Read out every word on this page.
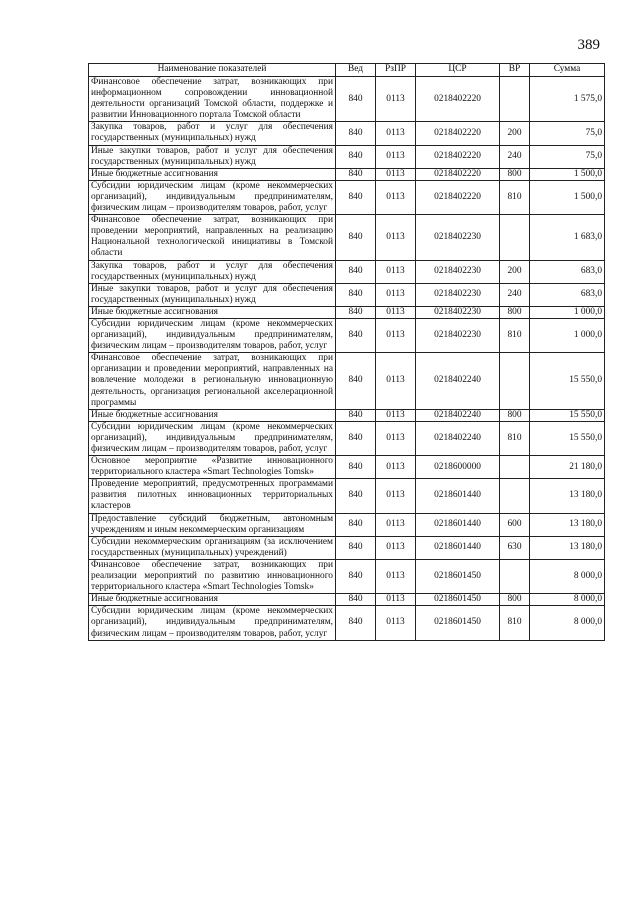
389
Наименование показателей	Вед	РзПР	ЦСР	ВР	Сумма
Финансовое обеспечение затрат, возникающих при информационном сопровождении инновационной деятельности организаций Томской области, поддержке и развитии Инновационного портала Томской области	840	0113	0218402220		1 575,0
Закупка товаров, работ и услуг для обеспечения государственных (муниципальных) нужд	840	0113	0218402220	200	75,0
Иные закупки товаров, работ и услуг для обеспечения государственных (муниципальных) нужд	840	0113	0218402220	240	75,0
Иные бюджетные ассигнования	840	0113	0218402220	800	1 500,0
Субсидии юридическим лицам (кроме некоммерческих организаций), индивидуальным предпринимателям, физическим лицам – производителям товаров, работ, услуг	840	0113	0218402220	810	1 500,0
Финансовое обеспечение затрат, возникающих при проведении мероприятий, направленных на реализацию Национальной технологической инициативы в Томской области	840	0113	0218402230		1 683,0
Закупка товаров, работ и услуг для обеспечения государственных (муниципальных) нужд	840	0113	0218402230	200	683,0
Иные закупки товаров, работ и услуг для обеспечения государственных (муниципальных) нужд	840	0113	0218402230	240	683,0
Иные бюджетные ассигнования	840	0113	0218402230	800	1 000,0
Субсидии юридическим лицам (кроме некоммерческих организаций), индивидуальным предпринимателям, физическим лицам – производителям товаров, работ, услуг	840	0113	0218402230	810	1 000,0
Финансовое обеспечение затрат, возникающих при организации и проведении мероприятий, направленных на вовлечение молодежи в региональную инновационную деятельность, организация региональной акселерационной программы	840	0113	0218402240		15 550,0
Иные бюджетные ассигнования	840	0113	0218402240	800	15 550,0
Субсидии юридическим лицам (кроме некоммерческих организаций), индивидуальным предпринимателям, физическим лицам – производителям товаров, работ, услуг	840	0113	0218402240	810	15 550,0
Основное мероприятие «Развитие инновационного территориального кластера «Smart Technologies Tomsk»	840	0113	0218600000		21 180,0
Проведение мероприятий, предусмотренных программами развития пилотных инновационных территориальных кластеров	840	0113	0218601440		13 180,0
Предоставление субсидий бюджетным, автономным учреждениям и иным некоммерческим организациям	840	0113	0218601440	600	13 180,0
Субсидии некоммерческим организациям (за исключением государственных (муниципальных) учреждений)	840	0113	0218601440	630	13 180,0
Финансовое обеспечение затрат, возникающих при реализации мероприятий по развитию инновационного территориального кластера «Smart Technologies Tomsk»	840	0113	0218601450		8 000,0
Иные бюджетные ассигнования	840	0113	0218601450	800	8 000,0
Субсидии юридическим лицам (кроме некоммерческих организаций), индивидуальным предпринимателям, физическим лицам – производителям товаров, работ, услуг	840	0113	0218601450	810	8 000,0
